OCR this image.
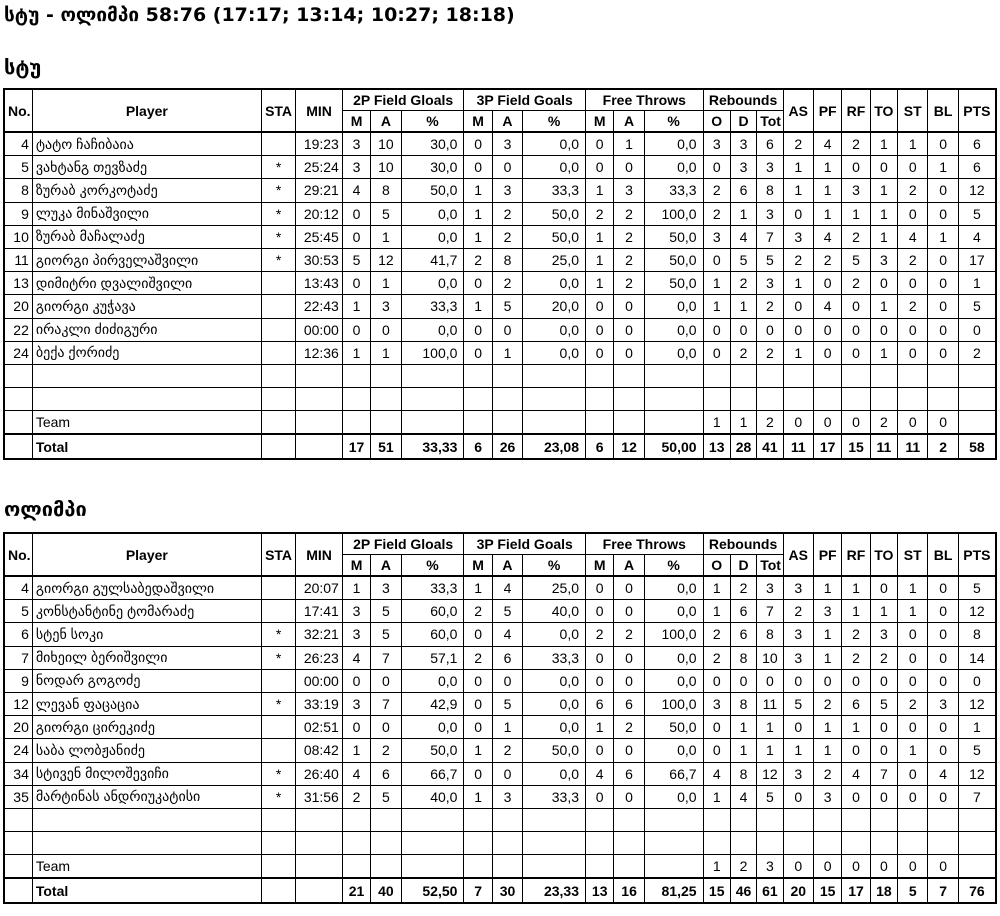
სტუ - ოლიმპი 58:76 (17:17; 13:14; 10:27; 18:18)
სტუ
No.	Player	STA	MIN	2P Field Gloals			3P Field Goals			Free Throws			Rebounds			AS	PF	RF	TO	ST	BL	PTS
				M	A	%	M	A	%	M	A	%	O	D	Tot							
4	ტატო ჩაჩიბაია		19:23	3	10	30,0	0	3	0,0	0	1	0,0	3	3	6	2	4	2	1	1	0	6
5	ვახტანგ თევზაძე	*	25:24	3	10	30,0	0	0	0,0	0	0	0,0	0	3	3	1	1	0	0	0	1	6
8	ზურაბ კორკოტაძე	*	29:21	4	8	50,0	1	3	33,3	1	3	33,3	2	6	8	1	1	3	1	2	0	12
9	ლუკა მინაშვილი	*	20:12	0	5	0,0	1	2	50,0	2	2	100,0	2	1	3	0	1	1	1	0	0	5
10	ზურაბ მაჩალაძე	*	25:45	0	1	0,0	1	2	50,0	1	2	50,0	3	4	7	3	4	2	1	4	1	4
11	გიორგი პირველაშვილი	*	30:53	5	12	41,7	2	8	25,0	1	2	50,0	0	5	5	2	2	5	3	2	0	17
13	დიმიტრი დვალიშვილი		13:43	0	1	0,0	0	2	0,0	1	2	50,0	1	2	3	1	0	2	0	0	0	1
20	გიორგი კუჭავა		22:43	1	3	33,3	1	5	20,0	0	0	0,0	1	1	2	0	4	0	1	2	0	5
22	ირაკლი ძიძიგური		00:00	0	0	0,0	0	0	0,0	0	0	0,0	0	0	0	0	0	0	0	0	0	0
24	ბექა ქორიძე		12:36	1	1	100,0	0	1	0,0	0	0	0,0	0	2	2	1	0	0	1	0	0	2

	Team												1	1	2	0	0	0	2	0	0	
	Total			17	51	33,33	6	26	23,08	6	12	50,00	13	28	41	11	17	15	11	11	2	58
ოლიმპი
No.	Player	STA	MIN	2P Field Gloals			3P Field Goals			Free Throws			Rebounds			AS	PF	RF	TO	ST	BL	PTS
				M	A	%	M	A	%	M	A	%	O	D	Tot							
4	გიორგი გულსაბედაშვილი		20:07	1	3	33,3	1	4	25,0	0	0	0,0	1	2	3	3	1	1	0	1	0	5
5	კონსტანტინე ტომარაძე		17:41	3	5	60,0	2	5	40,0	0	0	0,0	1	6	7	2	3	1	1	1	0	12
6	სტენ სოკი	*	32:21	3	5	60,0	0	4	0,0	2	2	100,0	2	6	8	3	1	2	3	0	0	8
7	მიხეილ ბერიშვილი	*	26:23	4	7	57,1	2	6	33,3	0	0	0,0	2	8	10	3	1	2	2	0	0	14
9	ნოდარ გოგოძე		00:00	0	0	0,0	0	0	0,0	0	0	0,0	0	0	0	0	0	0	0	0	0	0
12	ლევან ფაცაცია	*	33:19	3	7	42,9	0	5	0,0	6	6	100,0	3	8	11	5	2	6	5	2	3	12
20	გიორგი ცირეკიძე		02:51	0	0	0,0	0	1	0,0	1	2	50,0	0	1	1	0	1	1	0	0	0	1
24	საბა ლობჟანიძე		08:42	1	2	50,0	1	2	50,0	0	0	0,0	0	1	1	1	1	0	0	1	0	5
34	სტივენ მილოშევიჩი	*	26:40	4	6	66,7	0	0	0,0	4	6	66,7	4	8	12	3	2	4	7	0	4	12
35	მარტინას ანდრიუკატისი	*	31:56	2	5	40,0	1	3	33,3	0	0	0,0	1	4	5	0	3	0	0	0	0	7

	Team												1	2	3	0	0	0	0	0	0	
	Total			21	40	52,50	7	30	23,33	13	16	81,25	15	46	61	20	15	17	18	5	7	76
